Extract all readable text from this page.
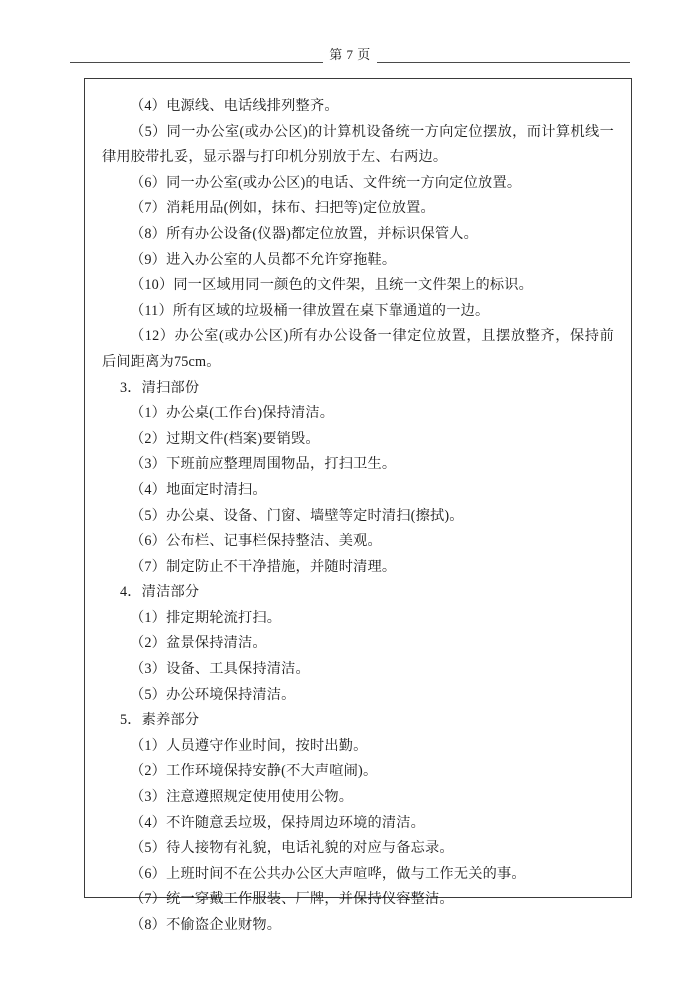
第 7 页
（4）电源线、电话线排列整齐。
（5）同一办公室(或办公区)的计算机设备统一方向定位摆放，而计算机线一律用胶带扎妥，显示器与打印机分别放于左、右两边。
（6）同一办公室(或办公区)的电话、文件统一方向定位放置。
（7）消耗用品(例如，抹布、扫把等)定位放置。
（8）所有办公设备(仪器)都定位放置，并标识保管人。
（9）进入办公室的人员都不允许穿拖鞋。
（10）同一区域用同一颜色的文件架，且统一文件架上的标识。
（11）所有区域的垃圾桶一律放置在桌下靠通道的一边。
（12）办公室(或办公区)所有办公设备一律定位放置，且摆放整齐，保持前后间距离为75cm。
3．清扫部份
（1）办公桌(工作台)保持清洁。
（2）过期文件(档案)要销毁。
（3）下班前应整理周围物品，打扫卫生。
（4）地面定时清扫。
（5）办公桌、设备、门窗、墙壁等定时清扫(擦拭)。
（6）公布栏、记事栏保持整洁、美观。
（7）制定防止不干净措施，并随时清理。
4．清洁部分
（1）排定期轮流打扫。
（2）盆景保持清洁。
（3）设备、工具保持清洁。
（5）办公环境保持清洁。
5．素养部分
（1）人员遵守作业时间，按时出勤。
（2）工作环境保持安静(不大声喧闹)。
（3）注意遵照规定使用使用公物。
（4）不许随意丢垃圾，保持周边环境的清洁。
（5）待人接物有礼貌，电话礼貌的对应与备忘录。
（6）上班时间不在公共办公区大声喧哗，做与工作无关的事。
（7）统一穿戴工作服装、厂牌，并保持仪容整洁。
（8）不偷盗企业财物。
